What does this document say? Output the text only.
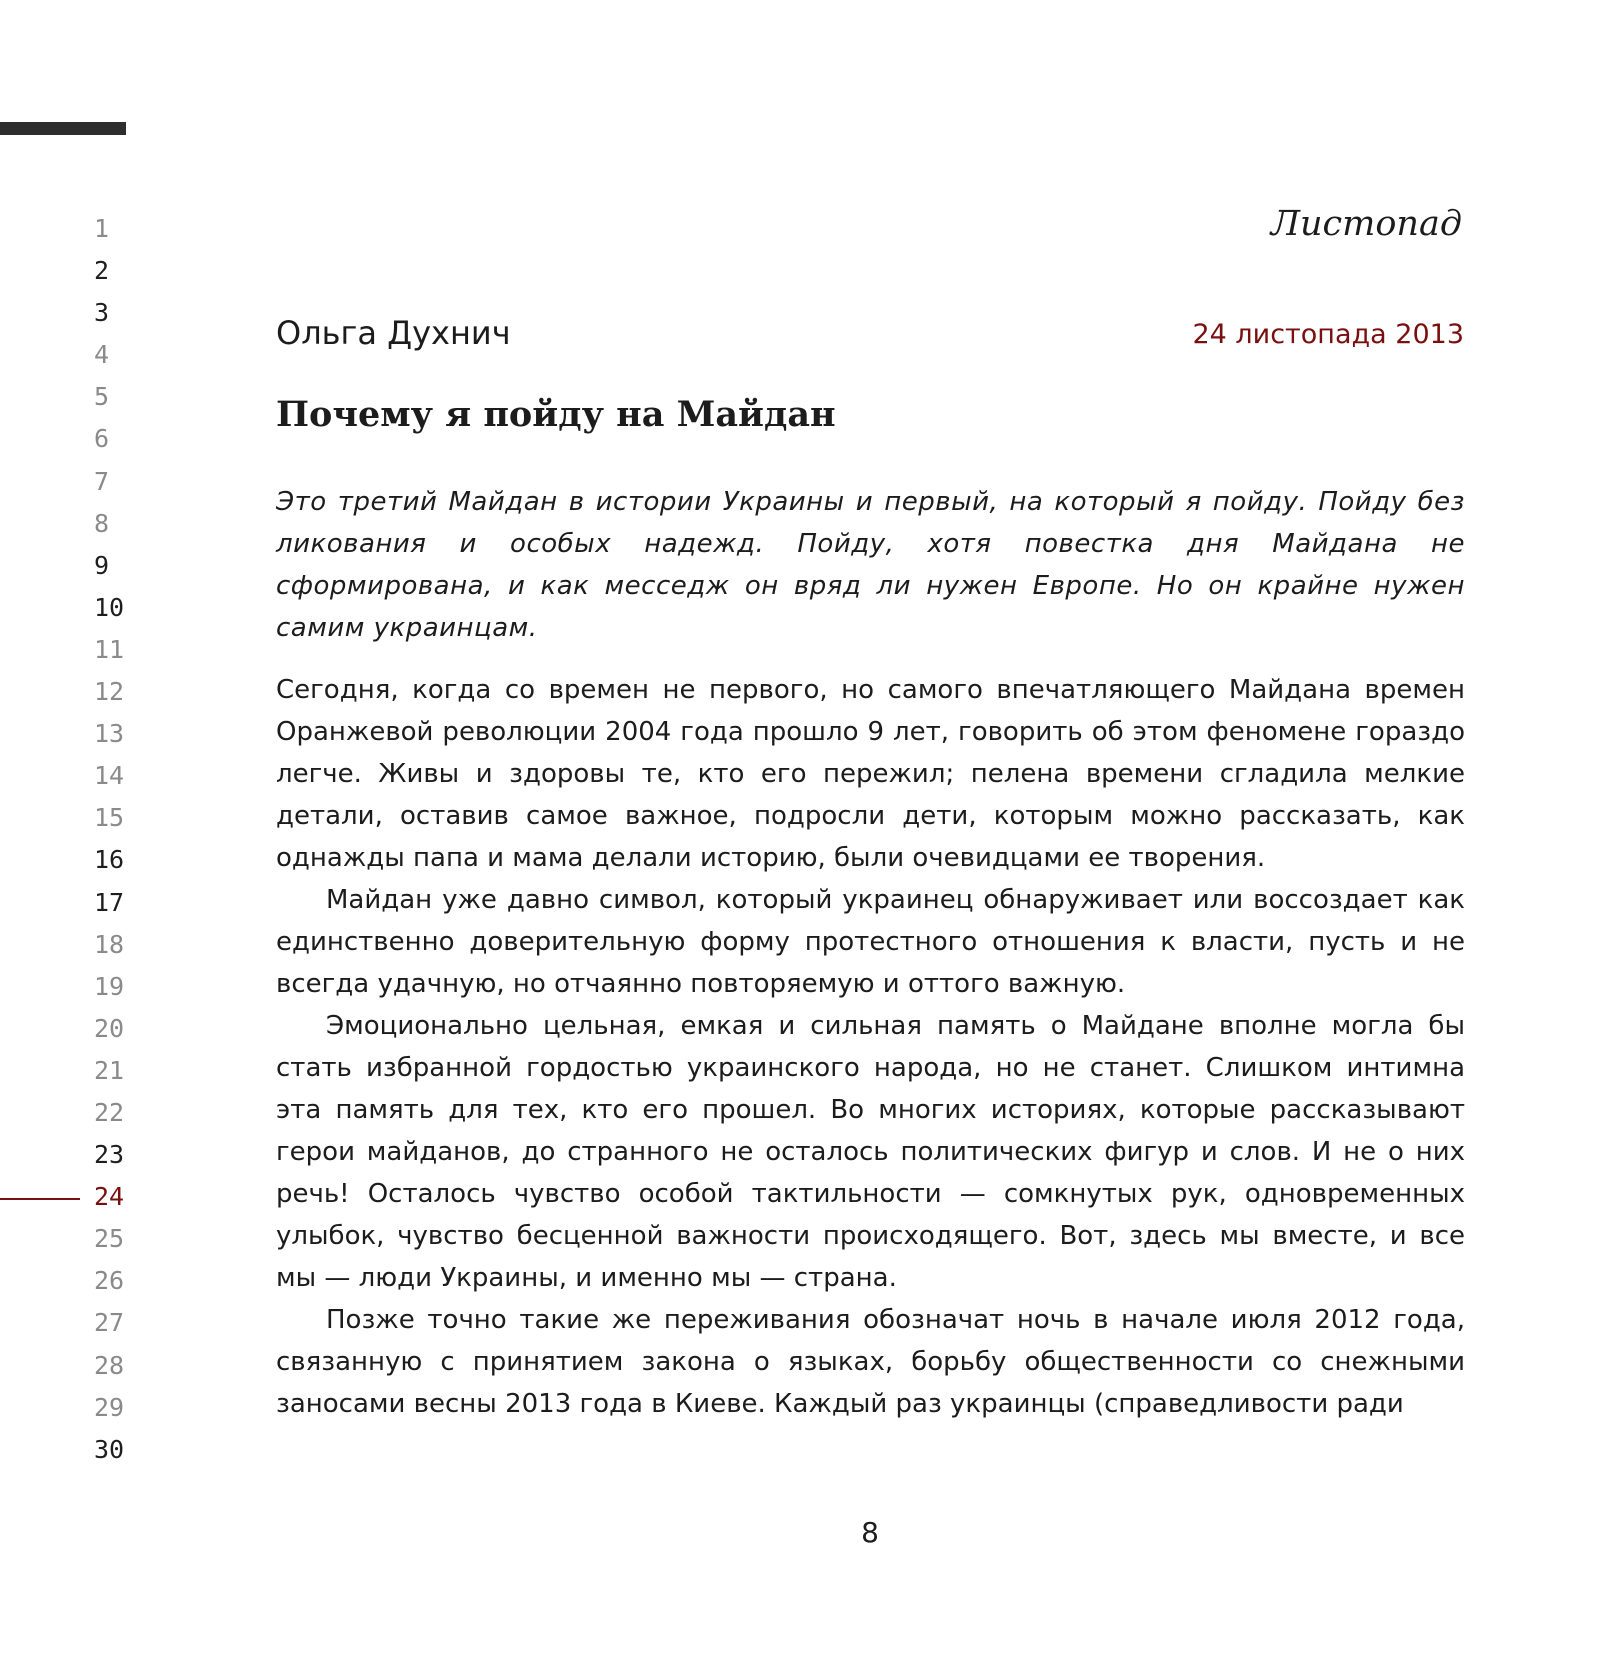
1
2
3
4
5
6
7
8
9
10
11
12
13
14
15
16
17
18
19
20
21
22
23
24
25
26
27
28
29
30
Листопад
Ольга Духнич	24 листопада 2013
Почему я пойду на Майдан

Это третий Майдан в истории Украины и первый, на который я пойду. Пойду без ликования и особых надежд. Пойду, хотя повестка дня Майдана не сформирована, и как месседж он вряд ли нужен Европе. Но он крайне нужен самим украинцам.

Сегодня, когда со времен не первого, но самого впечатляющего Майдана времен Оранжевой революции 2004 года прошло 9 лет, говорить об этом феномене гораздо легче. Живы и здоровы те, кто его пережил; пелена времени сгладила мелкие детали, оставив самое важное, подросли дети, которым можно рассказать, как однажды папа и мама делали историю, были очевидцами ее творения.

Майдан уже давно символ, который украинец обнаруживает или воссоздает как единственно доверительную форму протестного отношения к власти, пусть и не всегда удачную, но отчаянно повторяемую и оттого важную.

Эмоционально цельная, емкая и сильная память о Майдане вполне могла бы стать избранной гордостью украинского народа, но не станет. Слишком интимна эта память для тех, кто его прошел. Во многих историях, которые рассказывают герои майданов, до странного не осталось политических фигур и слов. И не о них речь! Осталось чувство особой тактильности — сомкнутых рук, одновременных улыбок, чувство бесценной важности происходящего. Вот, здесь мы вместе, и все мы — люди Украины, и именно мы — страна.

Позже точно такие же переживания обозначат ночь в начале июля 2012 года, связанную с принятием закона о языках, борьбу общественности со снежными заносами весны 2013 года в Киеве. Каждый раз украинцы (справедливости ради

8
